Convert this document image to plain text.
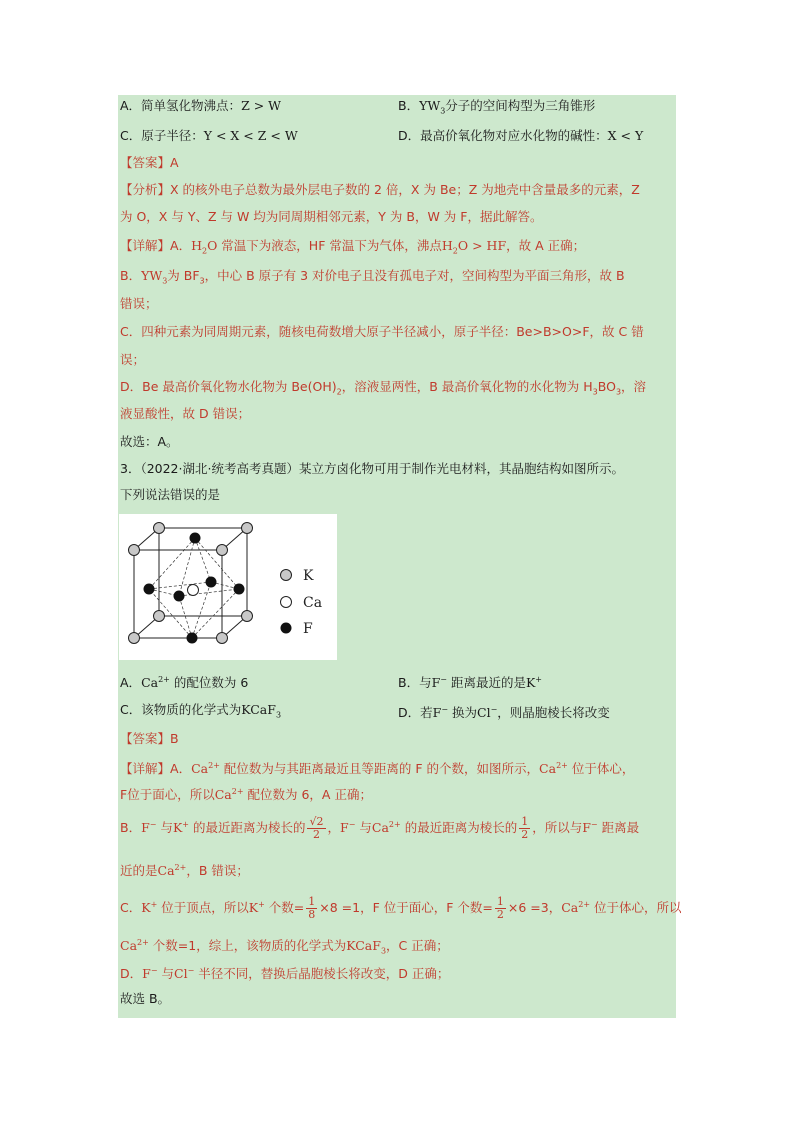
A．简单氢化物沸点：Z > W	B．$YW_3$分子的空间构型为三角锥形
C．原子半径：Y < X < Z < W	D．最高价氧化物对应水化物的碱性：X < Y
【答案】A
【分析】X 的核外电子总数为最外层电子数的 2 倍，X 为 Be；Z 为地壳中含量最多的元素，Z
为 O，X 与 Y、Z 与 W 均为同周期相邻元素，Y 为 B，W 为 F，据此解答。
【详解】A．$H_2O$ 常温下为液态，HF 常温下为气体，沸点$H_2O$ > HF，故 A 正确；
B．$YW_3$为 $BF_3$，中心 B 原子有 3 对价电子且没有孤电子对，空间构型为平面三角形，故 B
错误；
C．四种元素为同周期元素，随核电荷数增大原子半径减小，原子半径：Be>B>O>F，故 C 错
误；
D．Be 最高价氧化物水化物为 $Be(OH)_2$，溶液显两性，B 最高价氧化物的水化物为 $H_3BO_3$，溶
液显酸性，故 D 错误；
故选：A。
3．（2022·湖北·统考高考真题）某立方卤化物可用于制作光电材料，其晶胞结构如图所示。
下列说法错误的是
K
Ca
F
A．$Ca^{2+}$ 的配位数为 6	B．与F− 距离最近的是K+
C．该物质的化学式为KCaF$_3$	D．若F− 换为Cl−，则晶胞棱长将改变
【答案】B
【详解】A．$Ca^{2+}$ 配位数为与其距离最近且等距离的 F 的个数，如图所示，$Ca^{2+}$ 位于体心，
F位于面心，所以$Ca^{2+}$ 配位数为 6，A 正确；
B．F− 与K+ 的最近距离为棱长的 $\frac{√2}{2}$ ，F− 与$Ca^{2+}$ 的最近距离为棱长的 $\frac{1}{2}$ ，所以与F− 距离最
近的是$Ca^{2+}$，B 错误；
C．K+ 位于顶点，所以K+ 个数= $\frac{1}{8} \times 8 =1$，F 位于面心，F 个数= $\frac{1}{2} \times 6 =3$，$Ca^{2+}$ 位于体心，所以
$Ca^{2+}$ 个数=1，综上，该物质的化学式为KCaF$_3$，C 正确；
D．F− 与Cl− 半径不同，替换后晶胞棱长将改变，D 正确；
故选 B。
